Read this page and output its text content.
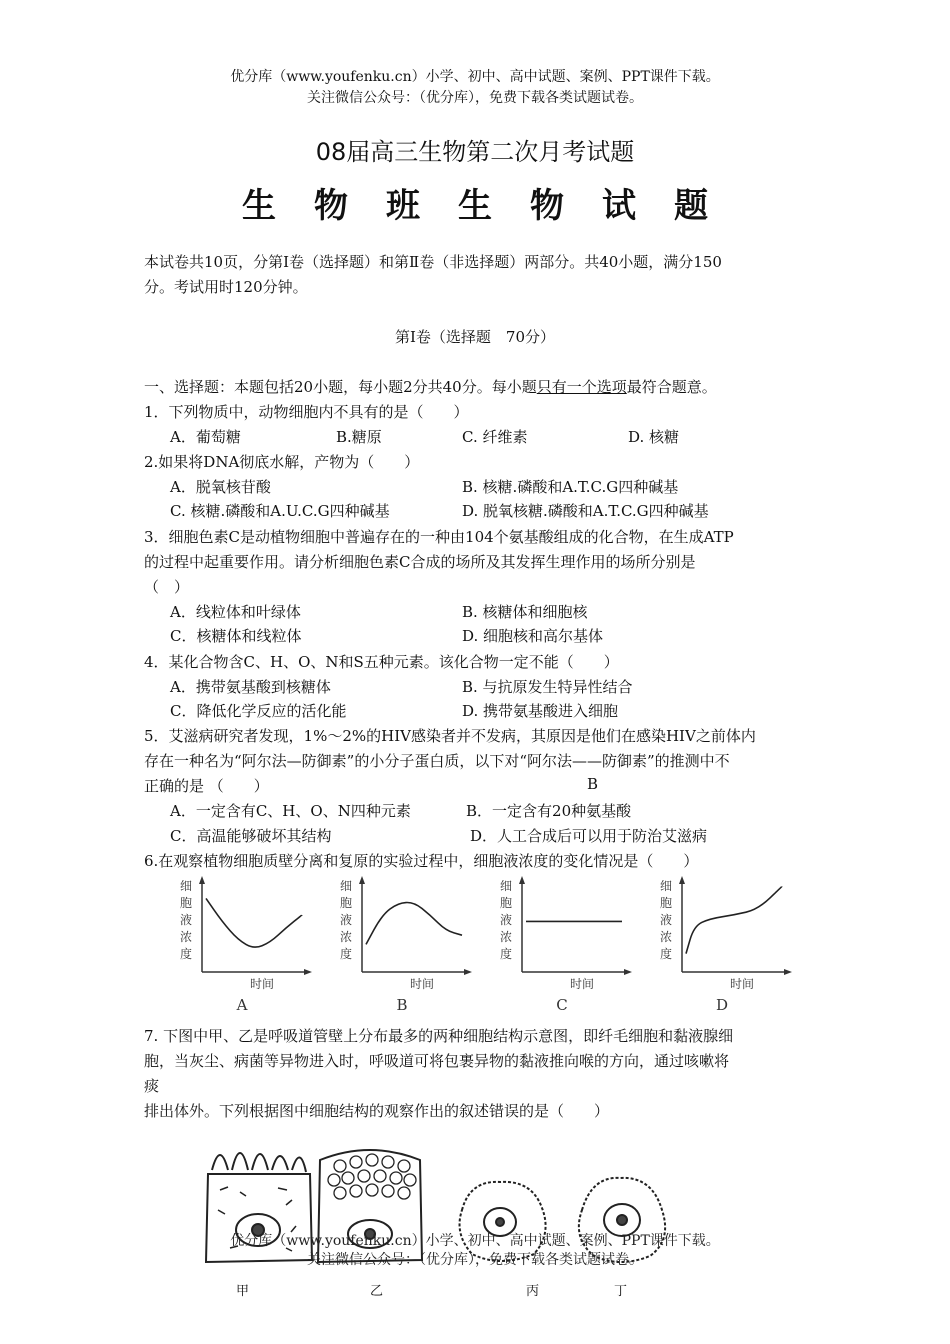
优分库（www.youfenku.cn）小学、初中、高中试题、案例、PPT课件下载。
关注微信公众号：（优分库），免费下载各类试题试卷。
08届高三生物第二次月考试题
生物班生物试题
本试卷共10页，分第Ⅰ卷（选择题）和第Ⅱ卷（非选择题）两部分。共40小题，满分150
分。考试用时120分钟。
第Ⅰ卷（选择题　70分）
一、选择题：本题包括20小题，每小题2分共40分。每小题只有一个选项最符合题意。
1．下列物质中，动物细胞内不具有的是（　　）
A．葡萄糖	B.糖原	C. 纤维素	D. 核糖
2.如果将DNA彻底水解，产物为（　　）
A．脱氧核苷酸	B. 核糖.磷酸和A.T.C.G四种碱基
C. 核糖.磷酸和A.U.C.G四种碱基	D. 脱氧核糖.磷酸和A.T.C.G四种碱基
3．细胞色素C是动植物细胞中普遍存在的一种由104个氨基酸组成的化合物，在生成ATP
的过程中起重要作用。请分析细胞色素C合成的场所及其发挥生理作用的场所分别是
（　）
A．线粒体和叶绿体	B. 核糖体和细胞核
C．核糖体和线粒体	D. 细胞核和高尔基体
4．某化合物含C、H、O、N和S五种元素。该化合物一定不能（　　）
A．携带氨基酸到核糖体	B. 与抗原发生特异性结合
C．降低化学反应的活化能	D. 携带氨基酸进入细胞
5．艾滋病研究者发现，1%～2%的HIV感染者并不发病，其原因是他们在感染HIV之前体内
存在一种名为“阿尔法—防御素”的小分子蛋白质，以下对“阿尔法——防御素”的推测中不
正确的是 （　　）	B
A．一定含有C、H、O、N四种元素	B．一定含有20种氨基酸
C．高温能够破坏其结构	D．人工合成后可以用于防治艾滋病
6.在观察植物细胞质壁分离和复原的实验过程中，细胞液浓度的变化情况是（　　）
细
胞
液
浓
度
时间
A
细
胞
液
浓
度
时间
B
细
胞
液
浓
度
时间
C
细
胞
液
浓
度
时间
D
7. 下图中甲、乙是呼吸道管壁上分布最多的两种细胞结构示意图，即纤毛细胞和黏液腺细
胞，当灰尘、病菌等异物进入时，呼吸道可将包裹异物的黏液推向喉的方向，通过咳嗽将
痰
排出体外。下列根据图中细胞结构的观察作出的叙述错误的是（　　）
优分库（www.youfenku.cn）小学、初中、高中试题、案例、PPT课件下载。
关注微信公众号：（优分库），免费下载各类试题试卷。
甲	乙	丙	丁
